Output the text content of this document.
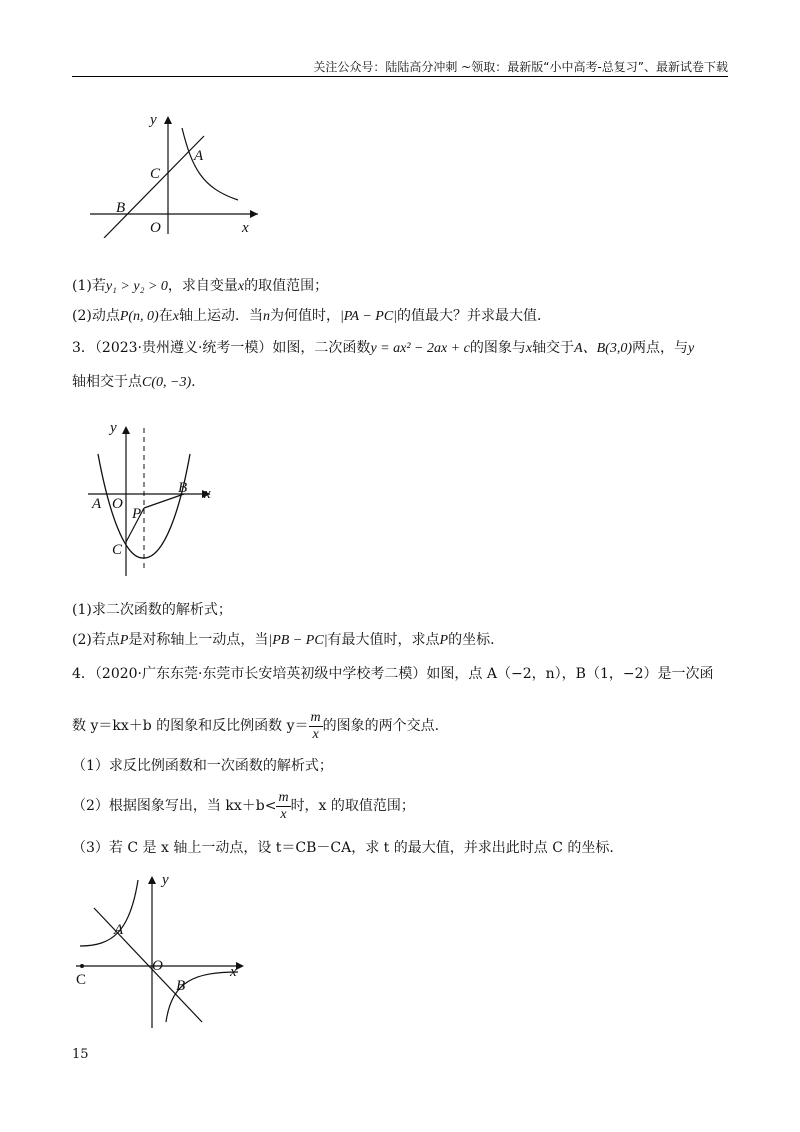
关注公众号：陆陆高分冲刺 ~领取：最新版“小中高考-总复习”、最新试卷下载
y
x
A
C
B
O
(1)若y₁ > y₂ > 0，求自变量x的取值范围；
(2)动点P(n, 0)在x轴上运动．当n为何值时，|PA − PC|的值最大？并求最大值．
3．（2023·贵州遵义·统考一模）如图，二次函数y = ax² − 2ax + c的图象与x轴交于A、B(3,0)两点，与y
轴相交于点C(0, −3).
y
x
A O
P
B
C
(1)求二次函数的解析式；
(2)若点P是对称轴上一动点，当|PB − PC|有最大值时，求点P的坐标.
4．（2020·广东东莞·东莞市长安培英初级中学校考二模）如图，点 A（−2，n），B（1，−2）是一次函
数 y＝kx＋b 的图象和反比例函数 $y= \frac{m}{x}$ 的图象的两个交点.
（1）求反比例函数和一次函数的解析式；
（2）根据图象写出，当 $kx+b< \frac{m}{x}$ 时，x 的取值范围；
（3）若 C 是 x 轴上一动点，设 t＝CB－CA，求 t 的最大值，并求出此时点 C 的坐标.
y
x
A
C
O
B
15
